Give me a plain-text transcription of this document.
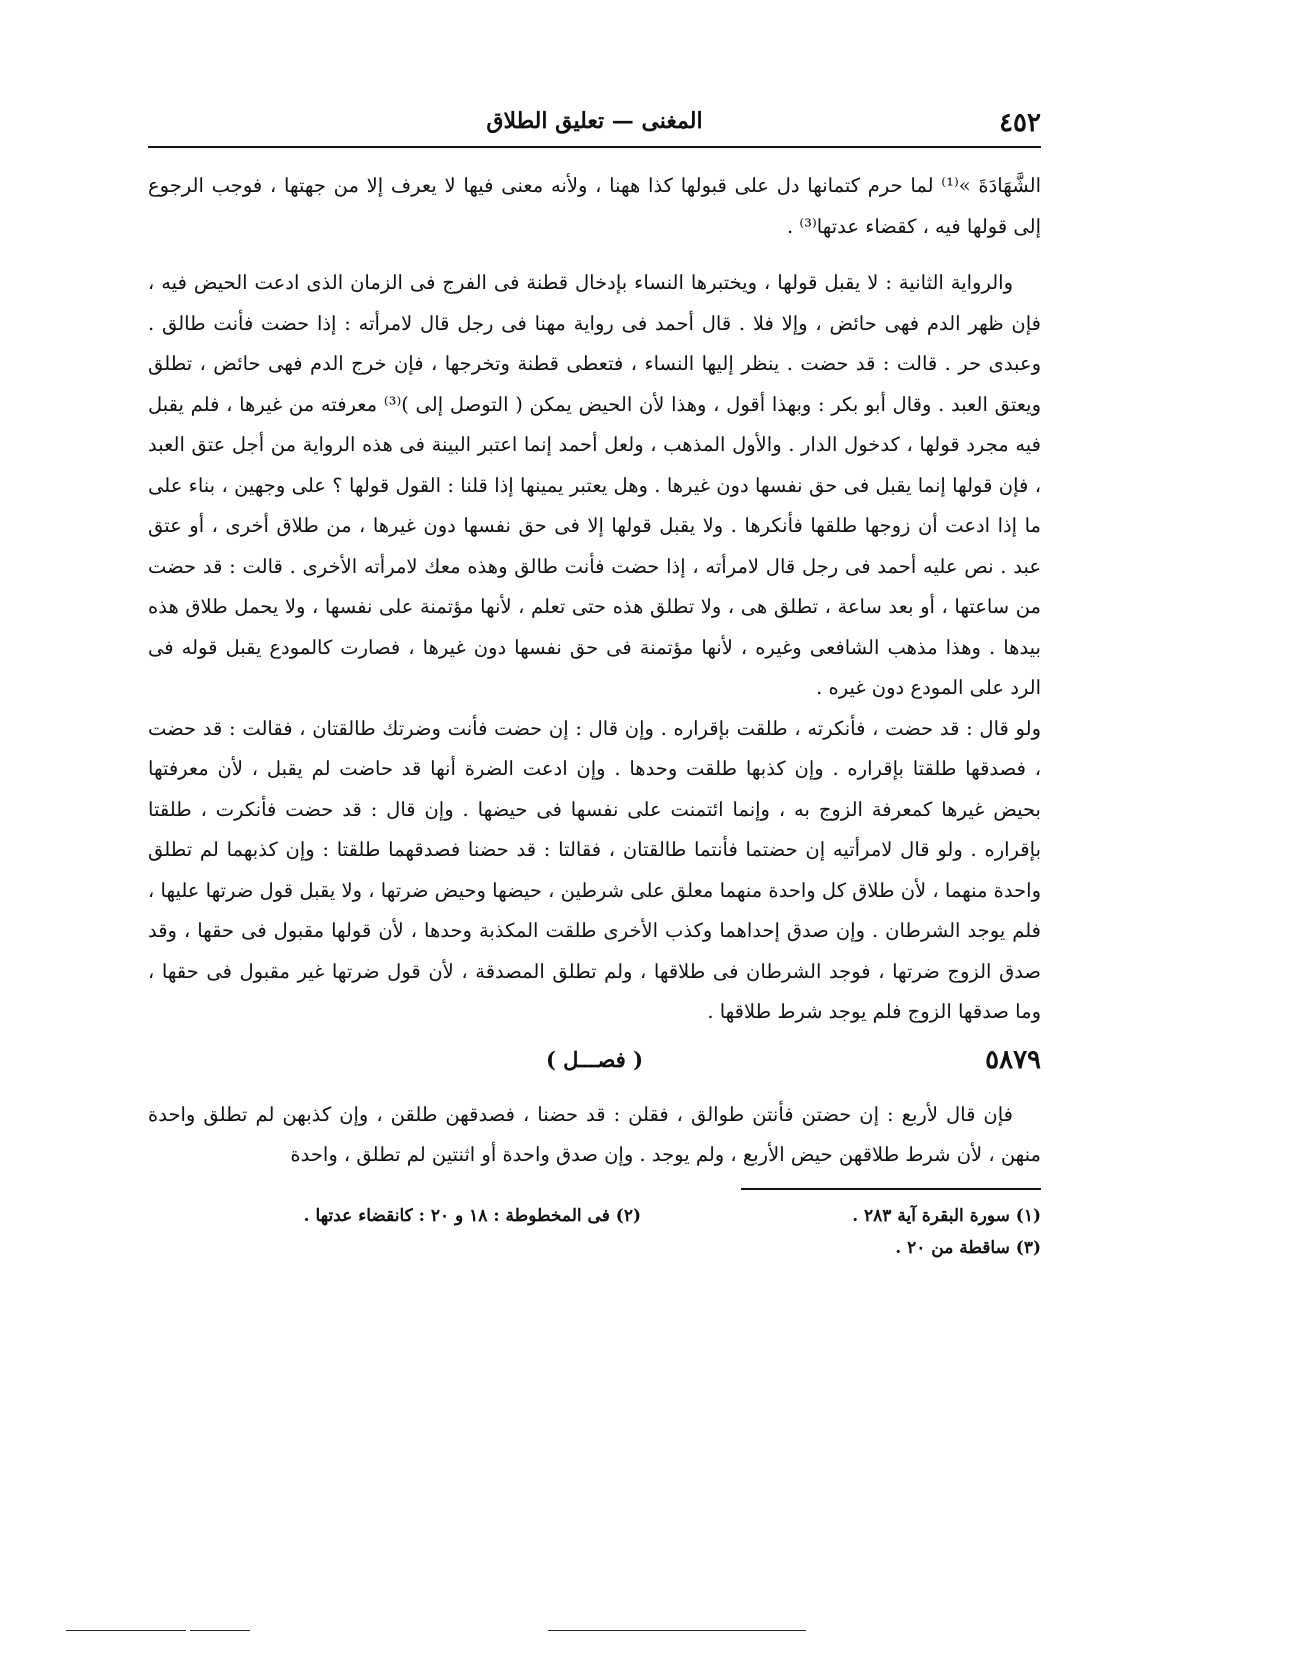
٤٥٢
المغنى — تعليق الطلاق

الشَّهَادَةَ »⁽¹⁾ لما حرم كتمانها دل على قبولها كذا ههنا ، ولأنه معنى فيها لا يعرف إلا من جهتها ، فوجب الرجوع إلى قولها فيه ، كقضاء عدتها⁽³⁾ .

والرواية الثانية : لا يقبل قولها ، ويختبرها النساء بإدخال قطنة فى الفرج فى الزمان الذى ادعت الحيض فيه ، فإن ظهر الدم فهى حائض ، وإلا فلا . قال أحمد فى رواية مهنا فى رجل قال لامرأته : إذا حضت فأنت طالق . وعبدى حر . قالت : قد حضت . ينظر إليها النساء ، فتعطى قطنة وتخرجها ، فإن خرج الدم فهى حائض ، تطلق ويعتق العبد . وقال أبو بكر : وبهذا أقول ، وهذا لأن الحيض يمكن ( التوصل إلى )⁽³⁾ معرفته من غيرها ، فلم يقبل فيه مجرد قولها ، كدخول الدار . والأول المذهب ، ولعل أحمد إنما اعتبر البينة فى هذه الرواية من أجل عتق العبد ، فإن قولها إنما يقبل فى حق نفسها دون غيرها . وهل يعتبر يمينها إذا قلنا : القول قولها ؟ على وجهين ، بناء على ما إذا ادعت أن زوجها طلقها فأنكرها . ولا يقبل قولها إلا فى حق نفسها دون غيرها ، من طلاق أخرى ، أو عتق عبد . نص عليه أحمد فى رجل قال لامرأته ، إذا حضت فأنت طالق وهذه معك لامرأته الأخرى . قالت : قد حضت من ساعتها ، أو بعد ساعة ، تطلق هى ، ولا تطلق هذه حتى تعلم ، لأنها مؤتمنة على نفسها ، ولا يحمل طلاق هذه بيدها . وهذا مذهب الشافعى وغيره ، لأنها مؤتمنة فى حق نفسها دون غيرها ، فصارت كالمودع يقبل قوله فى الرد على المودع دون غيره .

ولو قال : قد حضت ، فأنكرته ، طلقت بإقراره . وإن قال : إن حضت فأنت وضرتك طالقتان ، فقالت : قد حضت ، فصدقها طلقتا بإقراره . وإن كذبها طلقت وحدها . وإن ادعت الضرة أنها قد حاضت لم يقبل ، لأن معرفتها بحيض غيرها كمعرفة الزوج به ، وإنما ائتمنت على نفسها فى حيضها . وإن قال : قد حضت فأنكرت ، طلقتا بإقراره . ولو قال لامرأتيه إن حضتما فأنتما طالقتان ، فقالتا : قد حضنا فصدقهما طلقتا : وإن كذبهما لم تطلق واحدة منهما ، لأن طلاق كل واحدة منهما معلق على شرطين ، حيضها وحيض ضرتها ، ولا يقبل قول ضرتها عليها ، فلم يوجد الشرطان . وإن صدق إحداهما وكذب الأخرى طلقت المكذبة وحدها ، لأن قولها مقبول فى حقها ، وقد صدق الزوج ضرتها ، فوجد الشرطان فى طلاقها ، ولم تطلق المصدقة ، لأن قول ضرتها غير مقبول فى حقها ، وما صدقها الزوج فلم يوجد شرط طلاقها .

٥٨٧٩
( فصـــل )

فإن قال لأربع : إن حضتن فأنتن طوالق ، فقلن : قد حضنا ، فصدقهن طلقن ، وإن كذبهن لم تطلق واحدة منهن ، لأن شرط طلاقهن حيض الأربع ، ولم يوجد . وإن صدق واحدة أو اثنتين لم تطلق ، واحدة

(١) سورة البقرة آية ٢٨٣ .
(٢) فى المخطوطة : ١٨ و ٢٠ : كانقضاء عدتها .
(٣) ساقطة من ٢٠ .
